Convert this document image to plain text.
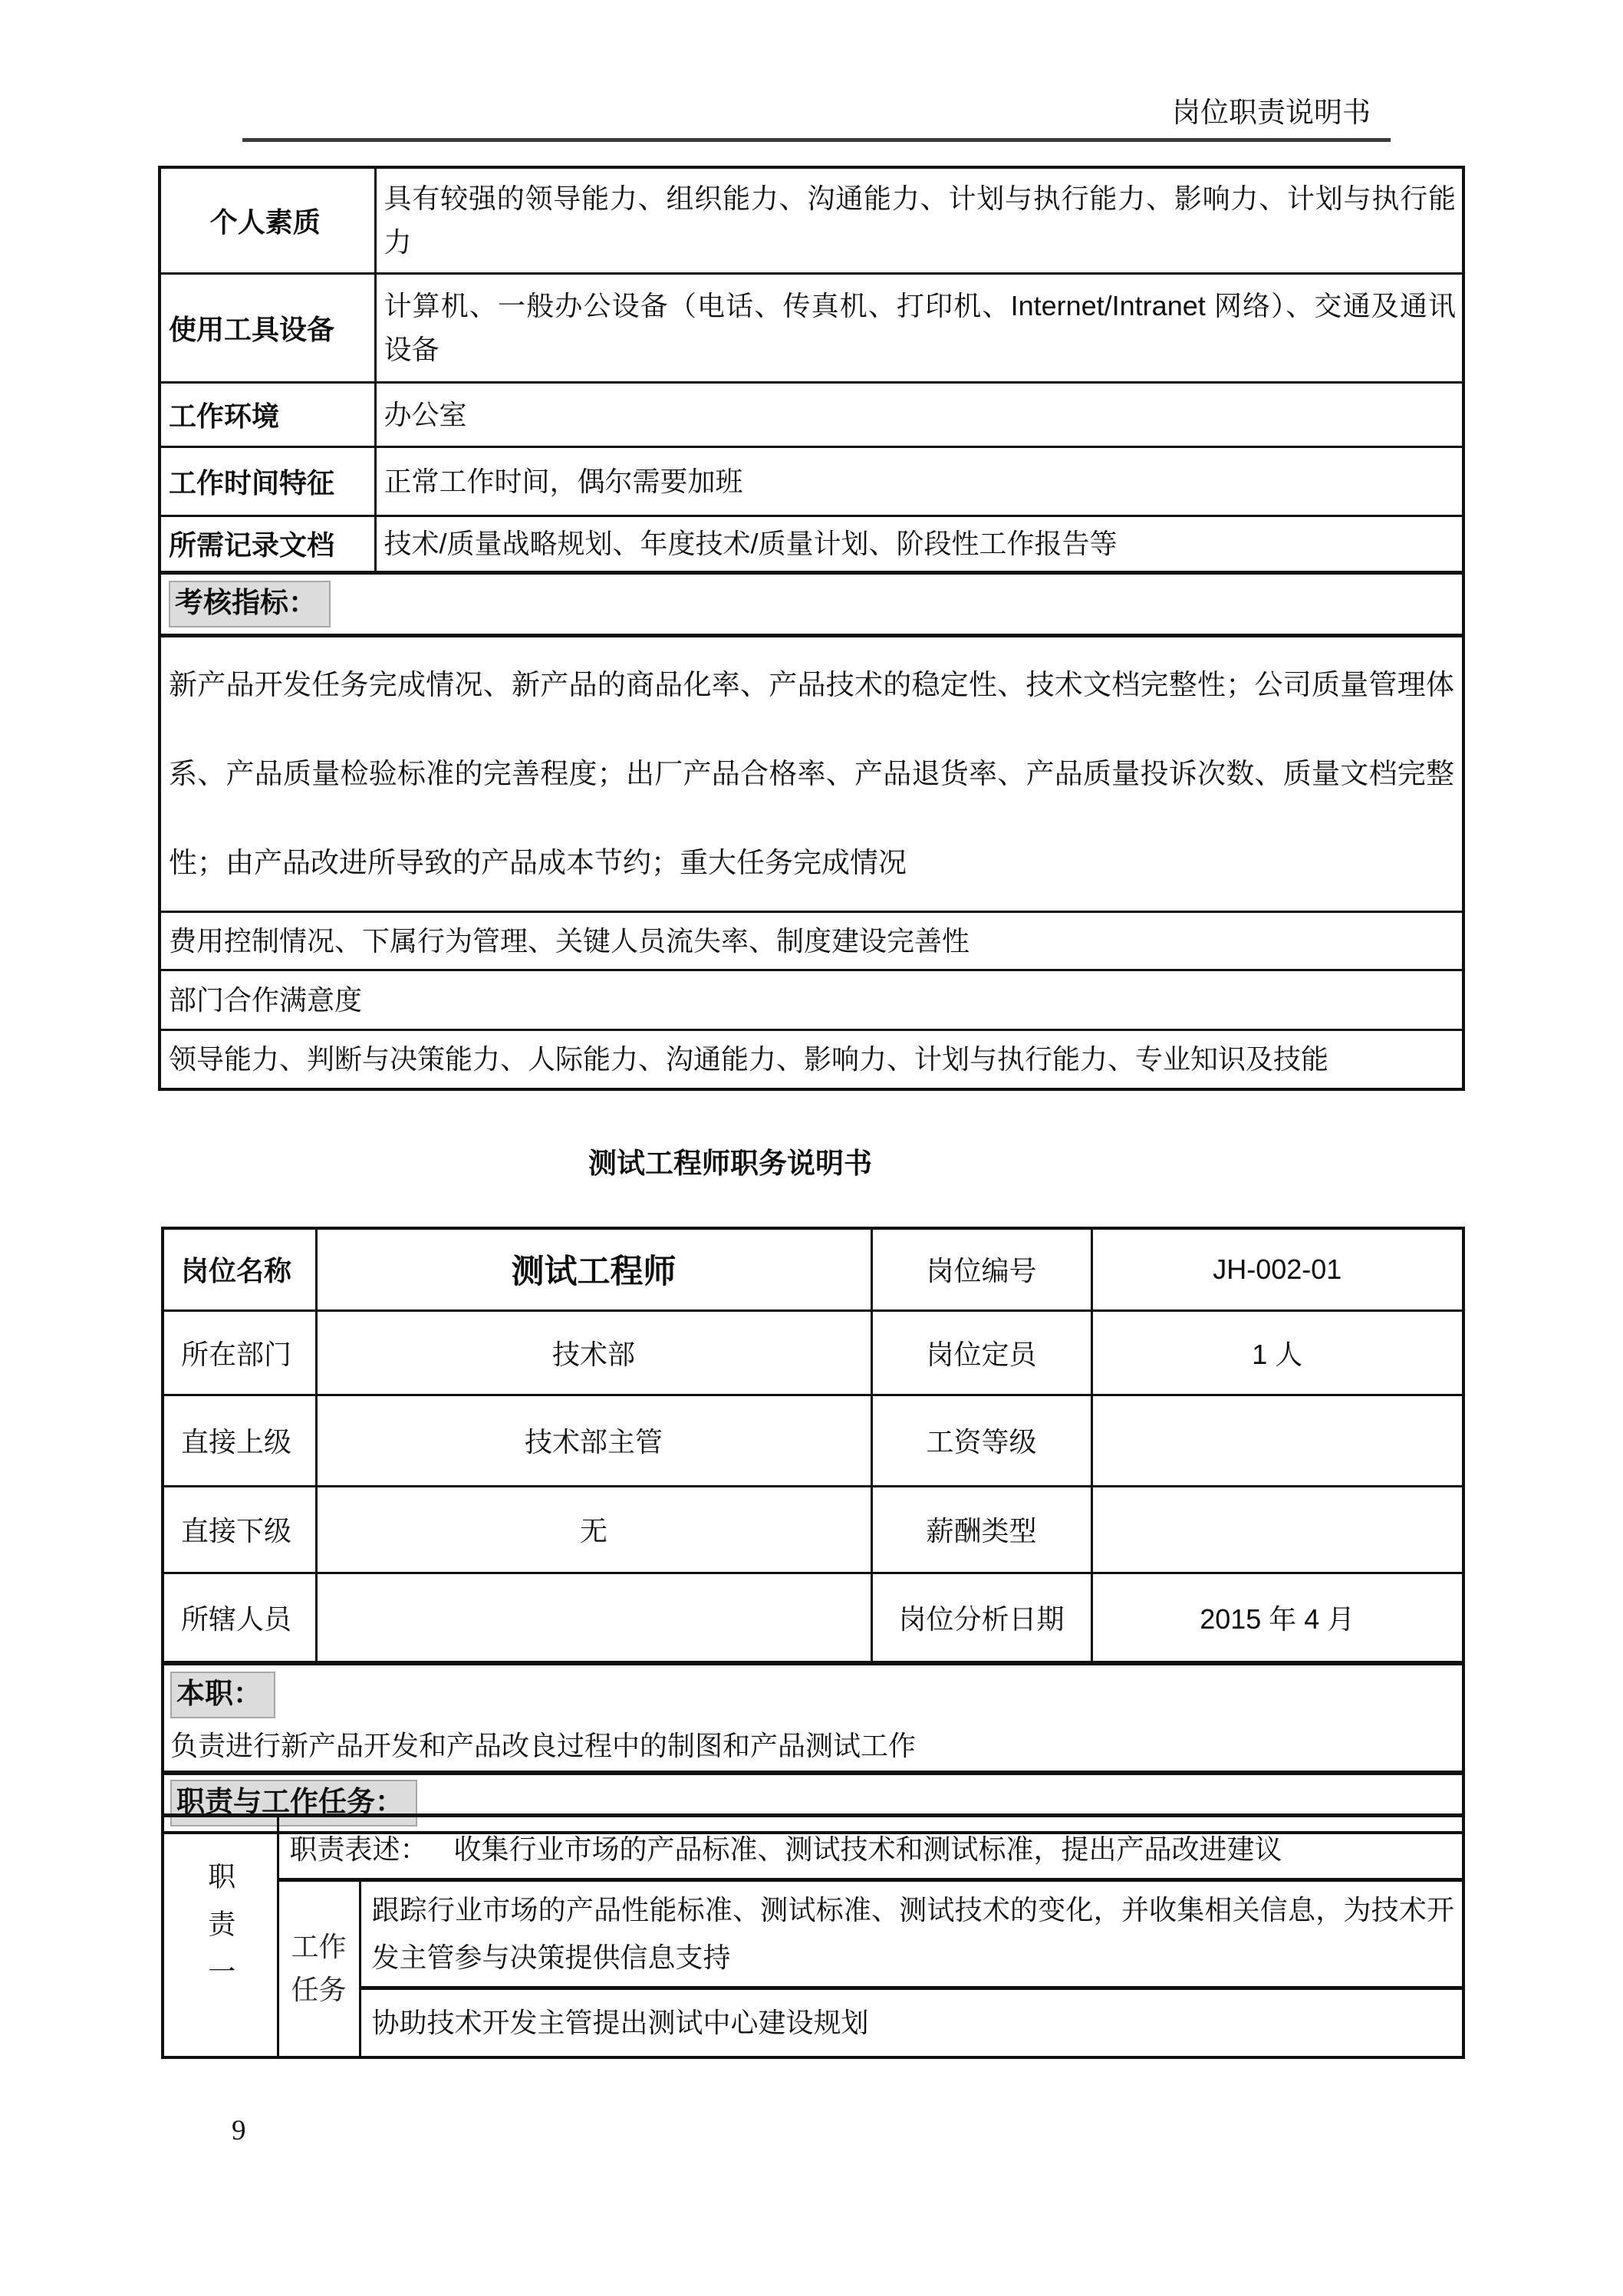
岗位职责说明书
个人素质	具有较强的领导能力、组织能力、沟通能力、计划与执行能力、影响力、计划与执行能力
使用工具设备	计算机、一般办公设备（电话、传真机、打印机、Internet/Intranet 网络）、交通及通讯设备
工作环境	办公室
工作时间特征	正常工作时间，偶尔需要加班
所需记录文档	技术/质量战略规划、年度技术/质量计划、阶段性工作报告等
考核指标：	
新产品开发任务完成情况、新产品的商品化率、产品技术的稳定性、技术文档完整性；公司质量管理体系、产品质量检验标准的完善程度；出厂产品合格率、产品退货率、产品质量投诉次数、质量文档完整性；由产品改进所导致的产品成本节约；重大任务完成情况	
费用控制情况、下属行为管理、关键人员流失率、制度建设完善性	
部门合作满意度	
领导能力、判断与决策能力、人际能力、沟通能力、影响力、计划与执行能力、专业知识及技能	
测试工程师职务说明书
岗位名称	测试工程师	岗位编号	JH-002-01
所在部门	技术部	岗位定员	1 人
直接上级	技术部主管	工资等级	
直接下级	无	薪酬类型	
所辖人员		岗位分析日期	2015 年 4 月
本职：
负责进行新产品开发和产品改良过程中的制图和产品测试工作			

职责与工作任务：			
职责一	职责表述： 收集行业市场的产品标准、测试技术和测试标准，提出产品改进建议	
	工作任务	跟踪行业市场的产品性能标准、测试标准、测试技术的变化，并收集相关信息，为技术开发主管参与决策提供信息支持
		协助技术开发主管提出测试中心建设规划
9
